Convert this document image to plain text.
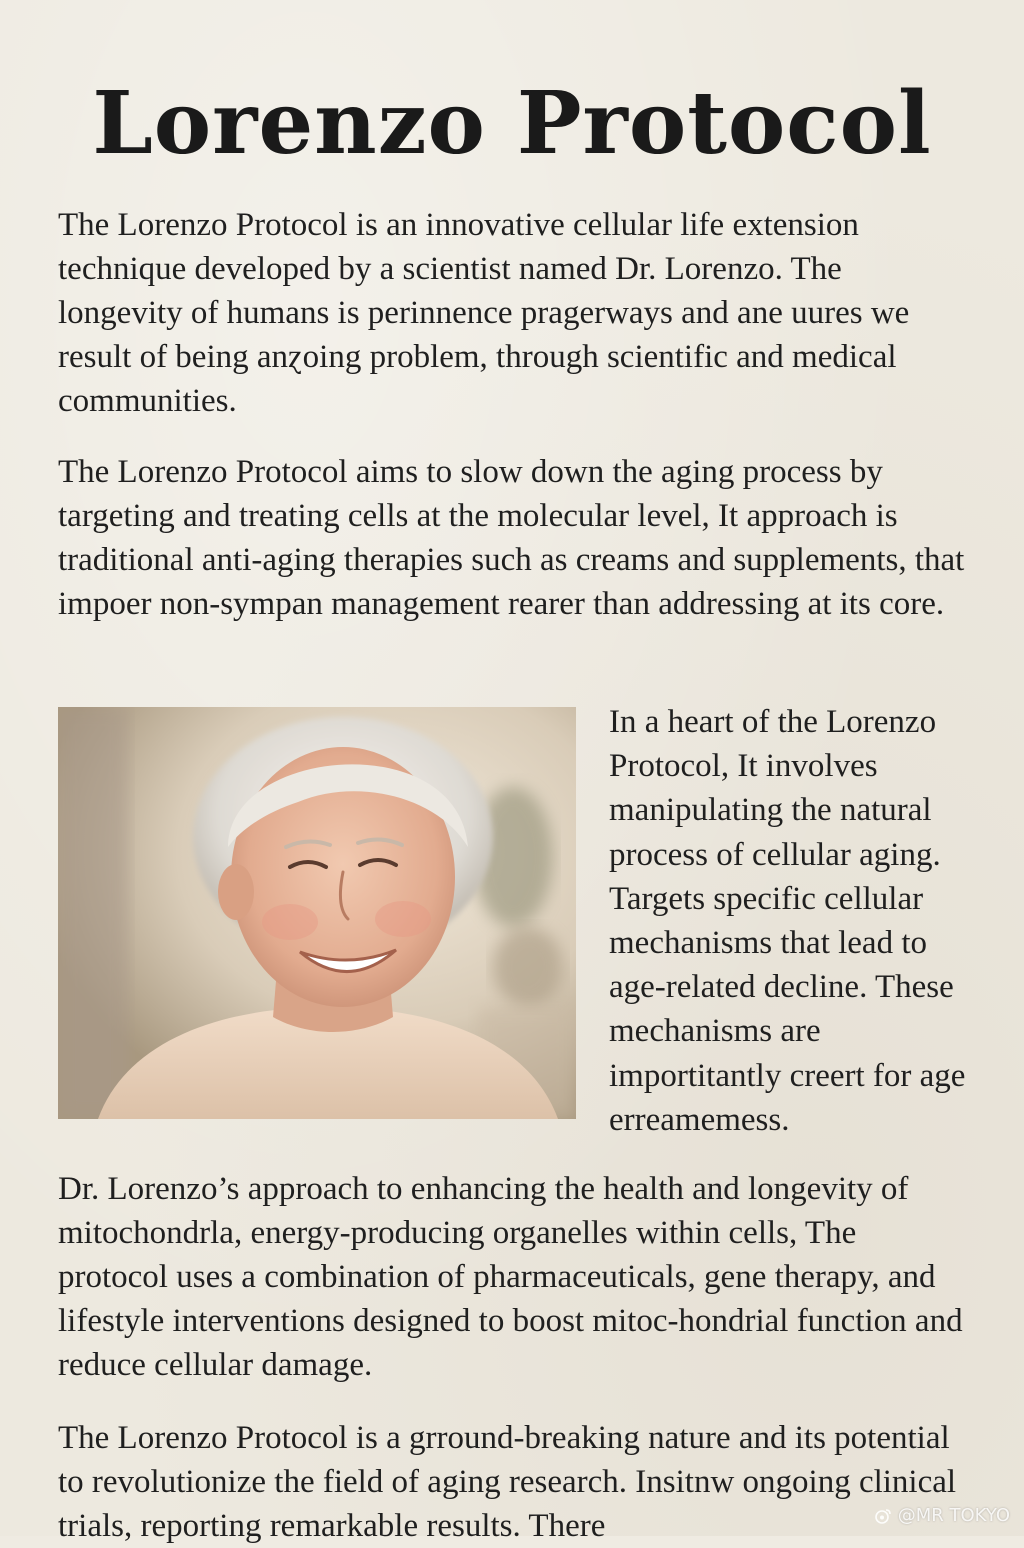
Lorenzo Protocol

The Lorenzo Protocol is an innovative cellular life extension technique developed by a scientist named Dr. Lorenzo. The longevity of humans is perinnence pragerways and ane uures we result of being anɀoing problem, through scientific and medical communities.

The Lorenzo Protocol aims to slow down the aging process by targeting and treating cells at the molecular level, It approach is traditional anti-aging therapies such as creams and supplements, that impoer non-sympan management rearer than addressing at its core.

In a heart of the Lorenzo Protocol, It involves manipulating the natural process of cellular aging. Targets specific cellular mechanisms that lead to age-related decline. These mechanisms are importitantly creert for age erreamemess.

Dr. Lorenzo’s approach to enhancing the health and longevity of mitochondrla, energy-producing organelles within cells, The protocol uses a combination of pharmaceuticals, gene therapy, and lifestyle interventions designed to boost mitoc-hondrial function and reduce cellular damage.

The Lorenzo Protocol is a grround-breaking nature and its potential to revolutionize the field of aging research. Insitnw ongoing clinical trials, reporting remarkable results. There	@MR TOKYO
